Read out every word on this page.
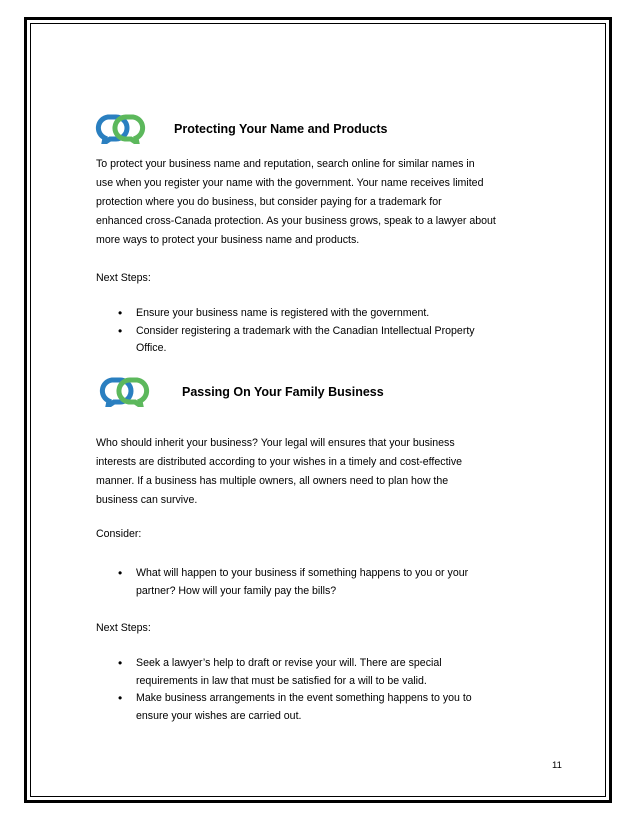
Protecting Your Name and Products

To protect your business name and reputation, search online for similar names in
use when you register your name with the government. Your name receives limited
protection where you do business, but consider paying for a trademark for
enhanced cross-Canada protection. As your business grows, speak to a lawyer about
more ways to protect your business name and products.

Next Steps:

• Ensure your business name is registered with the government.
• Consider registering a trademark with the Canadian Intellectual Property
Office.
Passing On Your Family Business

Who should inherit your business? Your legal will ensures that your business
interests are distributed according to your wishes in a timely and cost-effective
manner. If a business has multiple owners, all owners need to plan how the
business can survive.

Consider:

• What will happen to your business if something happens to you or your
partner? How will your family pay the bills?

Next Steps:

• Seek a lawyer’s help to draft or revise your will. There are special
requirements in law that must be satisfied for a will to be valid.
• Make business arrangements in the event something happens to you to
ensure your wishes are carried out.
11
